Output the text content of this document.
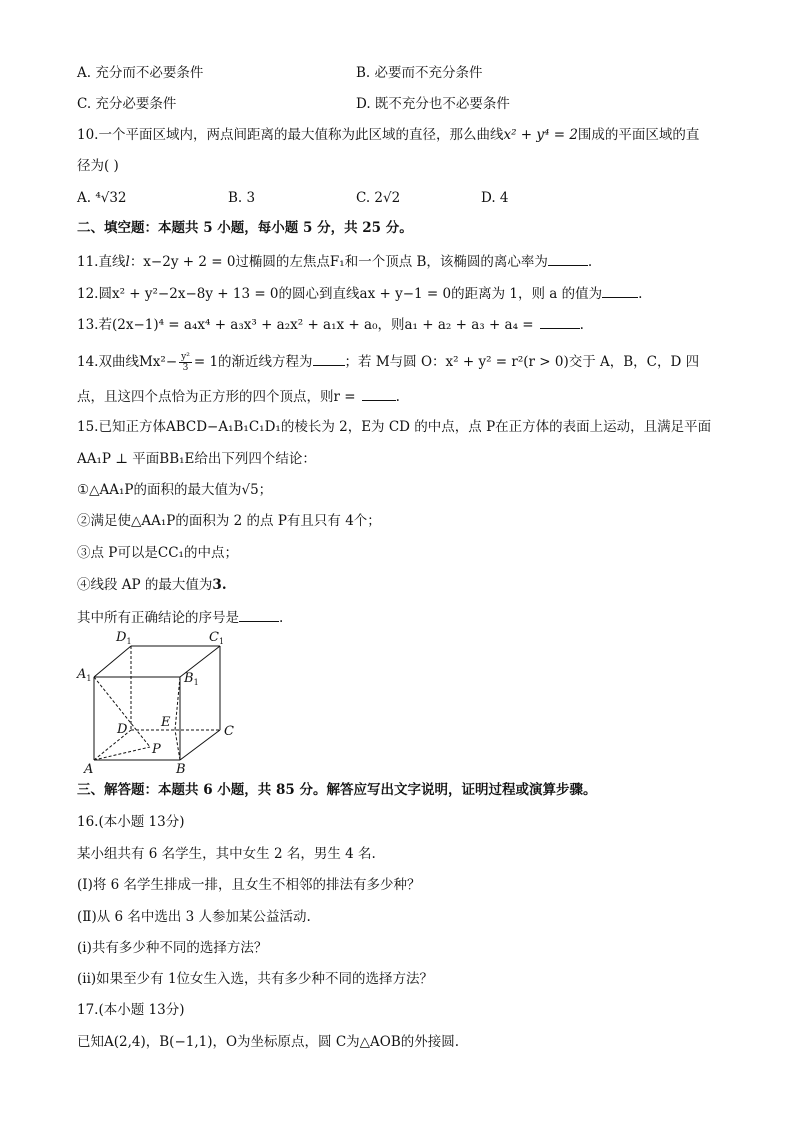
A. 充分而不必要条件	B. 必要而不充分条件
C. 充分必要条件	D. 既不充分也不必要条件
10.一个平面区域内，两点间距离的最大值称为此区域的直径，那么曲线x² + y⁴ = 2围成的平面区域的直
径为( )
A. ⁴√32	B. 3	C. 2√2	D. 4
二、填空题：本题共 5 小题，每小题 5 分，共 25 分。
11.直线l：x−2y + 2 = 0过椭圆的左焦点F₁和一个顶点 B，该椭圆的离心率为	.
12.圆x² + y²−2x−8y + 13 = 0的圆心到直线ax + y−1 = 0的距离为 1，则 a 的值为	.
13.若(2x−1)⁴ = a₄x⁴ + a₃x³ + a₂x² + a₁x + a₀，则a₁ + a₂ + a₃ + a₄ =	.
14.双曲线$Mx^2- \frac{\text{y²}}{3} = 1$的渐近线方程为 ；若 M与圆 O：x² + y² = r²(r > 0)交于 A，B，C，D 四
点，且这四个点恰为正方形的四个顶点，则r =	.
15.已知正方体ABCD−A₁B₁C₁D₁的棱长为 2，E为 CD 的中点，点 P在正方体的表面上运动，且满足平面
AA₁P ⊥ 平面BB₁E给出下列四个结论：
①△AA₁P的面积的最大值为√5；
②满足使△AA₁P的面积为 2 的点 P有且只有 4个；
③点 P可以是CC₁的中点；
④线段 AP 的最大值为3.
其中所有正确结论的序号是	.
$D_1$	$C_1$
$A_1$	$B_1$
D	E
C
P
A	B
三、解答题：本题共 6 小题，共 85 分。解答应写出文字说明，证明过程或演算步骤。
16.(本小题 13分)
某小组共有 6 名学生，其中女生 2 名，男生 4 名.
(Ⅰ)将 6 名学生排成一排，且女生不相邻的排法有多少种？
(Ⅱ)从 6 名中选出 3 人参加某公益活动.
(i)共有多少种不同的选择方法？
(ii)如果至少有 1位女生入选，共有多少种不同的选择方法？
17.(本小题 13分)
已知A(2,4)，B(−1,1)，O为坐标原点，圆 C为△AOB的外接圆.
